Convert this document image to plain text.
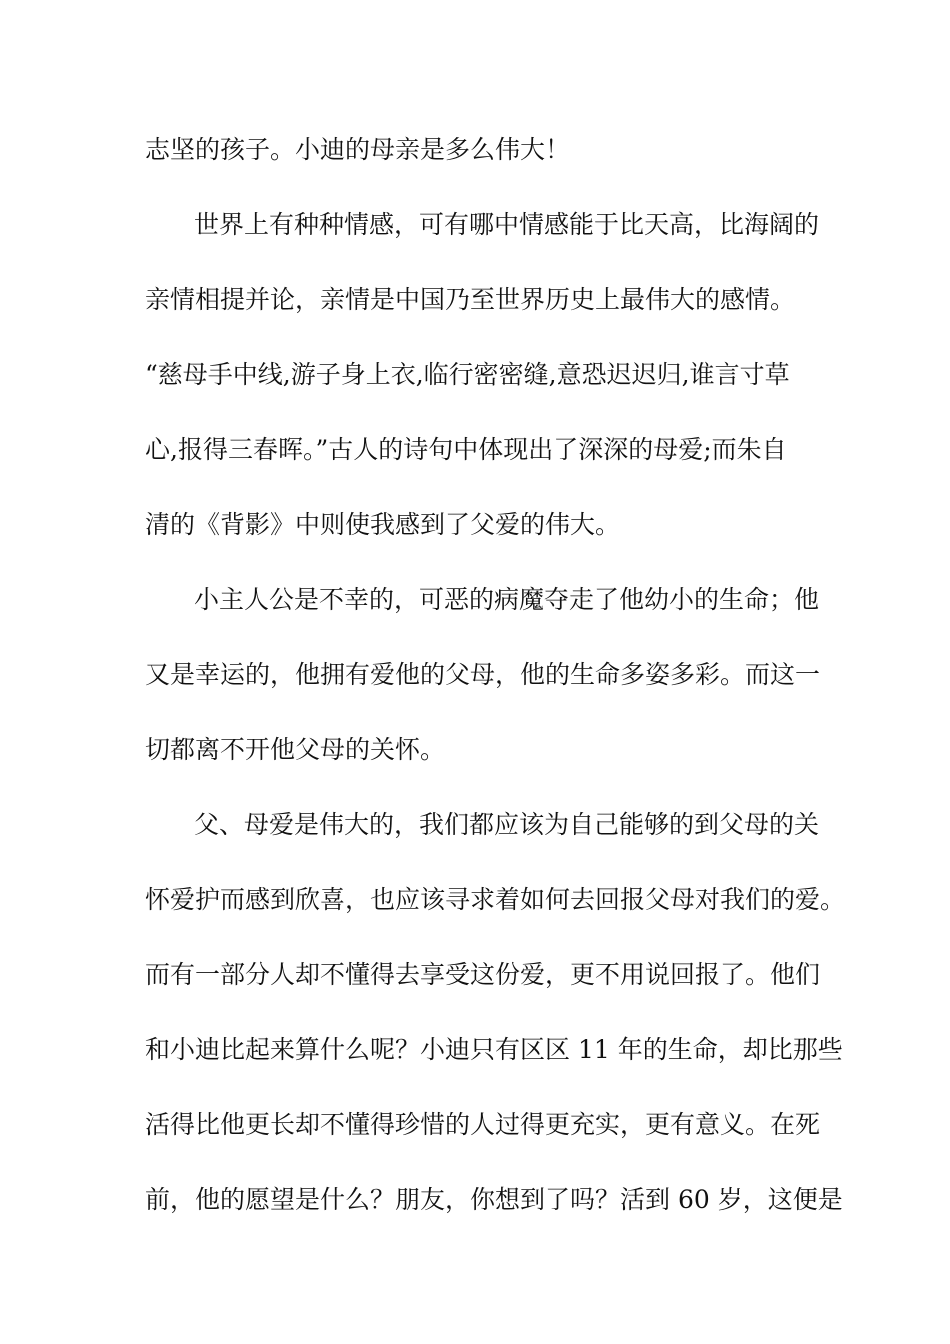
志坚的孩子。小迪的母亲是多么伟大！
世界上有种种情感，可有哪中情感能于比天高，比海阔的
亲情相提并论，亲情是中国乃至世界历史上最伟大的感情。
“慈母手中线,游子身上衣,临行密密缝,意恐迟迟归,谁言寸草
心,报得三春晖。”古人的诗句中体现出了深深的母爱;而朱自
清的《背影》中则使我感到了父爱的伟大。
小主人公是不幸的，可恶的病魔夺走了他幼小的生命；他
又是幸运的，他拥有爱他的父母，他的生命多姿多彩。而这一
切都离不开他父母的关怀。
父、母爱是伟大的，我们都应该为自己能够的到父母的关
怀爱护而感到欣喜，也应该寻求着如何去回报父母对我们的爱。
而有一部分人却不懂得去享受这份爱，更不用说回报了。他们
和小迪比起来算什么呢？小迪只有区区 11 年的生命，却比那些
活得比他更长却不懂得珍惜的人过得更充实，更有意义。在死
前，他的愿望是什么？朋友，你想到了吗？活到 60 岁，这便是
